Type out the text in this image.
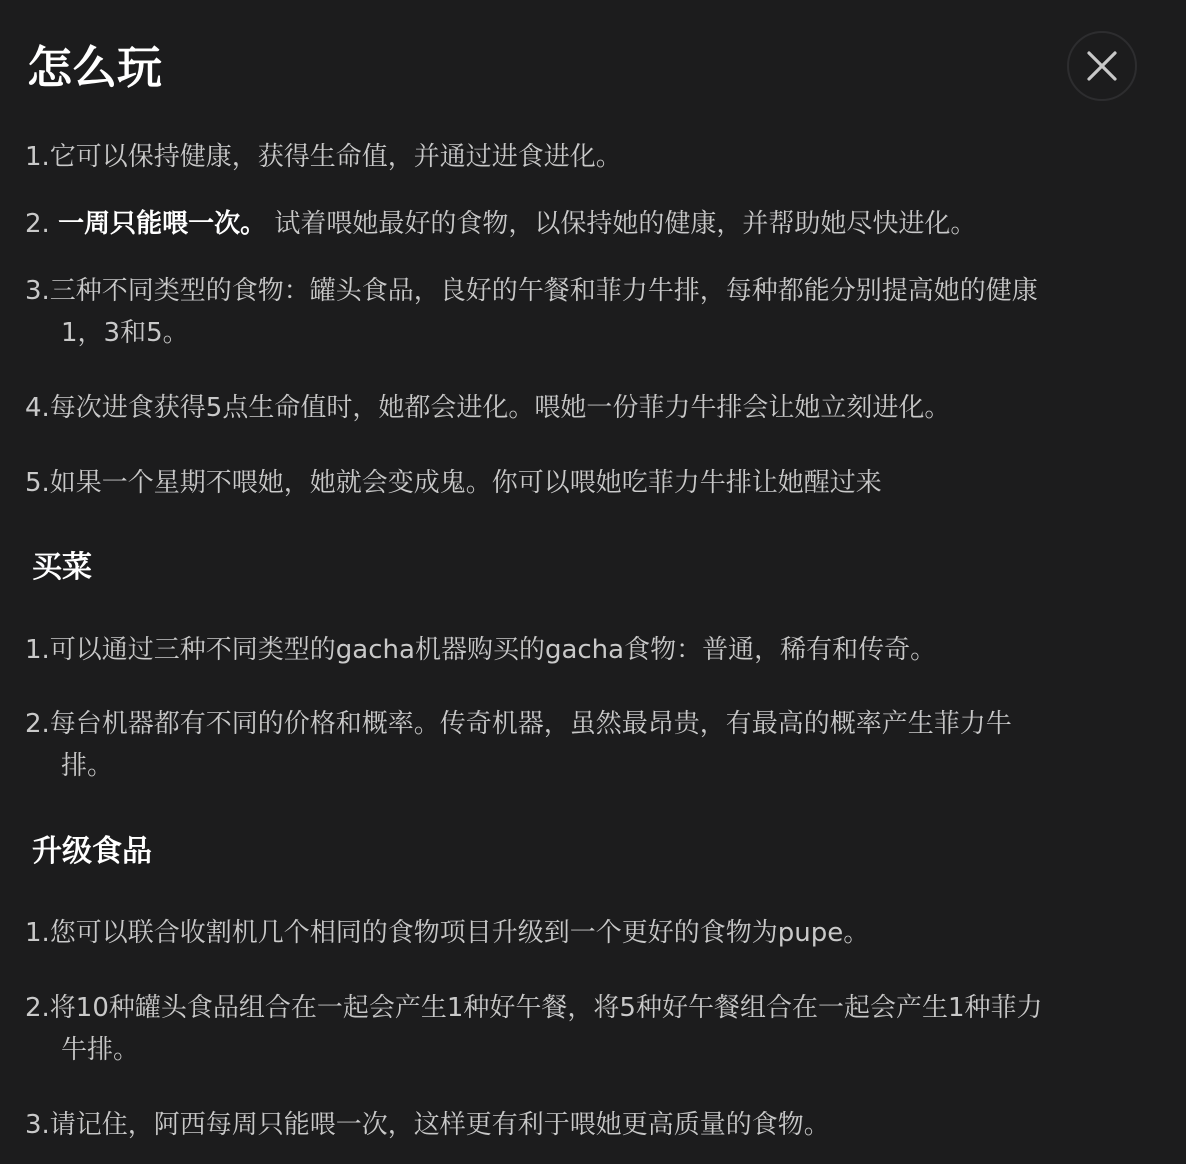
怎么玩
1.它可以保持健康，获得生命值，并通过进食进化。
2. 一周只能喂一次。 试着喂她最好的食物，以保持她的健康，并帮助她尽快进化。
3.三种不同类型的食物：罐头食品，良好的午餐和菲力牛排，每种都能分别提高她的健康
1，3和5。
4.每次进食获得5点生命值时，她都会进化。喂她一份菲力牛排会让她立刻进化。
5.如果一个星期不喂她，她就会变成鬼。你可以喂她吃菲力牛排让她醒过来
买菜
1.可以通过三种不同类型的gacha机器购买的gacha食物：普通，稀有和传奇。
2.每台机器都有不同的价格和概率。传奇机器，虽然最昂贵，有最高的概率产生菲力牛
排。
升级食品
1.您可以联合收割机几个相同的食物项目升级到一个更好的食物为pupe。
2.将10种罐头食品组合在一起会产生1种好午餐，将5种好午餐组合在一起会产生1种菲力
牛排。
3.请记住，阿西每周只能喂一次，这样更有利于喂她更高质量的食物。
